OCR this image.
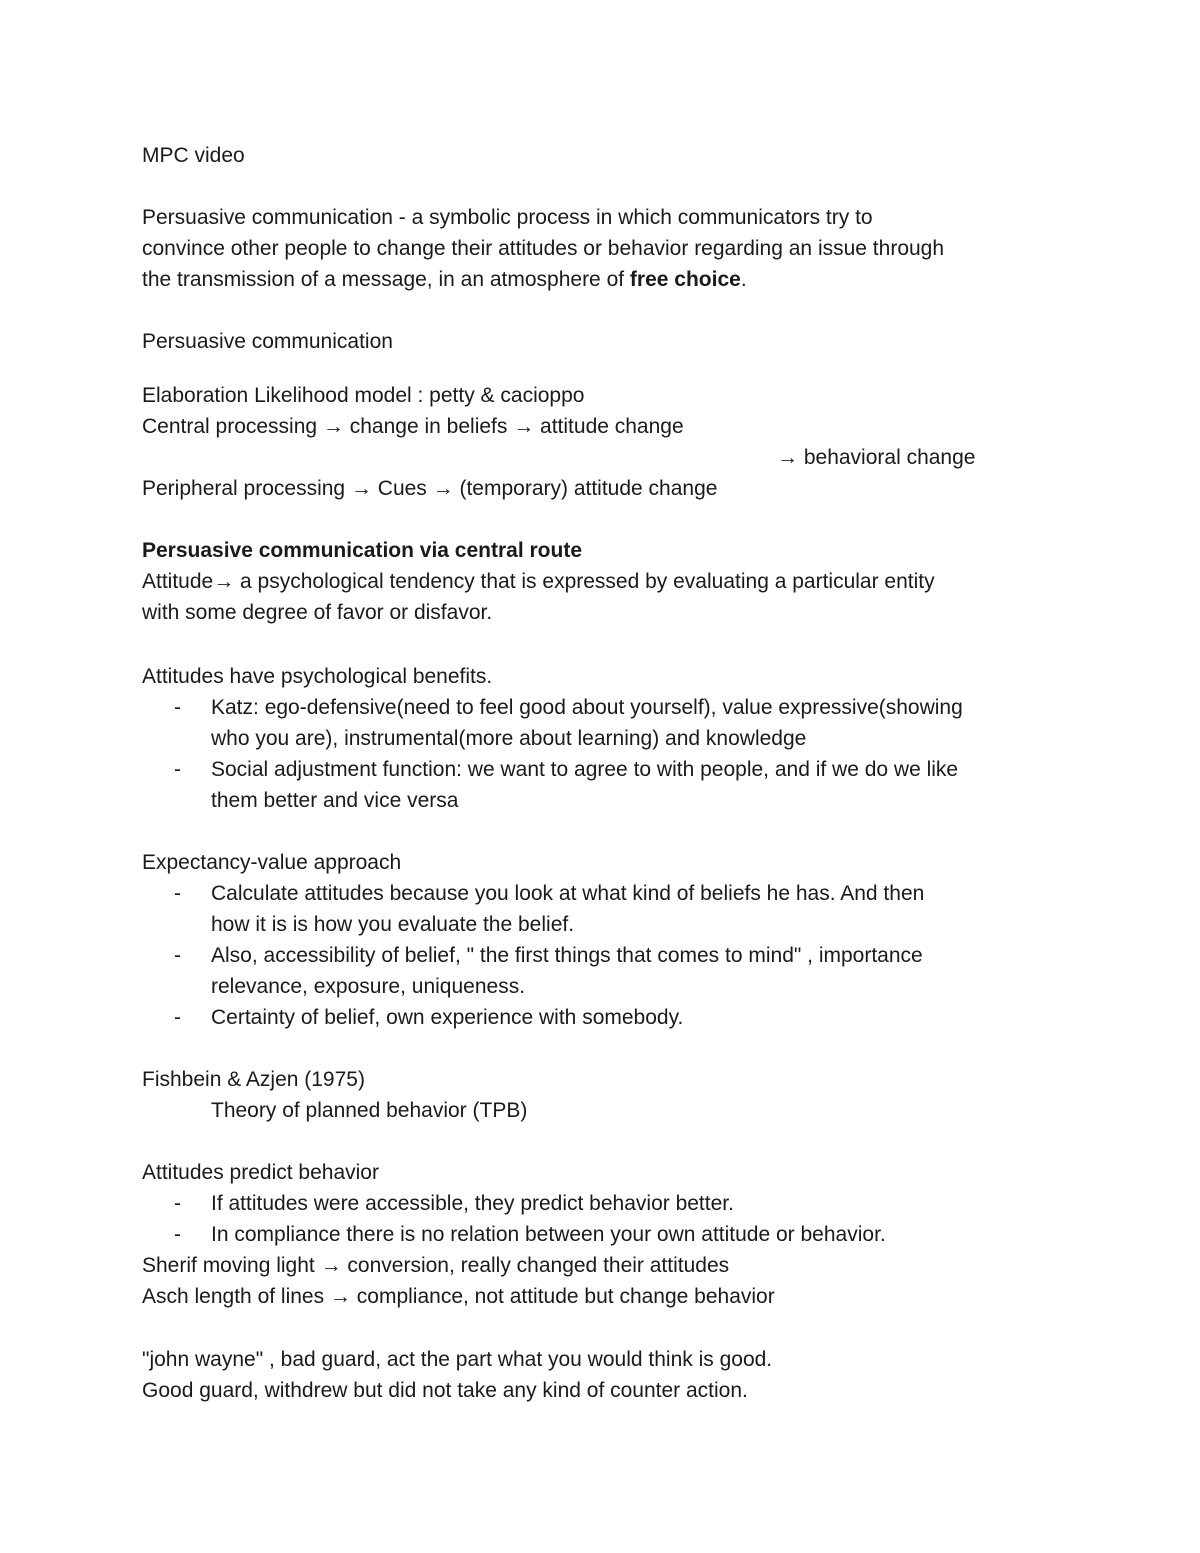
MPC video
Persuasive communication - a symbolic process in which communicators try to
convince other people to change their attitudes or behavior regarding an issue through
the transmission of a message, in an atmosphere of free choice.
Persuasive communication
Elaboration Likelihood model : petty & cacioppo
Central processing → change in beliefs → attitude change
→ behavioral change
Peripheral processing → Cues → (temporary) attitude change
Persuasive communication via central route
Attitude→ a psychological tendency that is expressed by evaluating a particular entity
with some degree of favor or disfavor.
Attitudes have psychological benefits.
- Katz: ego-defensive(need to feel good about yourself), value expressive(showing
who you are), instrumental(more about learning) and knowledge
- Social adjustment function: we want to agree to with people, and if we do we like
them better and vice versa
Expectancy-value approach
- Calculate attitudes because you look at what kind of beliefs he has. And then
how it is is how you evaluate the belief.
- Also, accessibility of belief, " the first things that comes to mind" , importance
relevance, exposure, uniqueness.
- Certainty of belief, own experience with somebody.
Fishbein & Azjen (1975)
Theory of planned behavior (TPB)
Attitudes predict behavior
- If attitudes were accessible, they predict behavior better.
- In compliance there is no relation between your own attitude or behavior.
Sherif moving light → conversion, really changed their attitudes
Asch length of lines → compliance, not attitude but change behavior
"john wayne" , bad guard, act the part what you would think is good.
Good guard, withdrew but did not take any kind of counter action.
